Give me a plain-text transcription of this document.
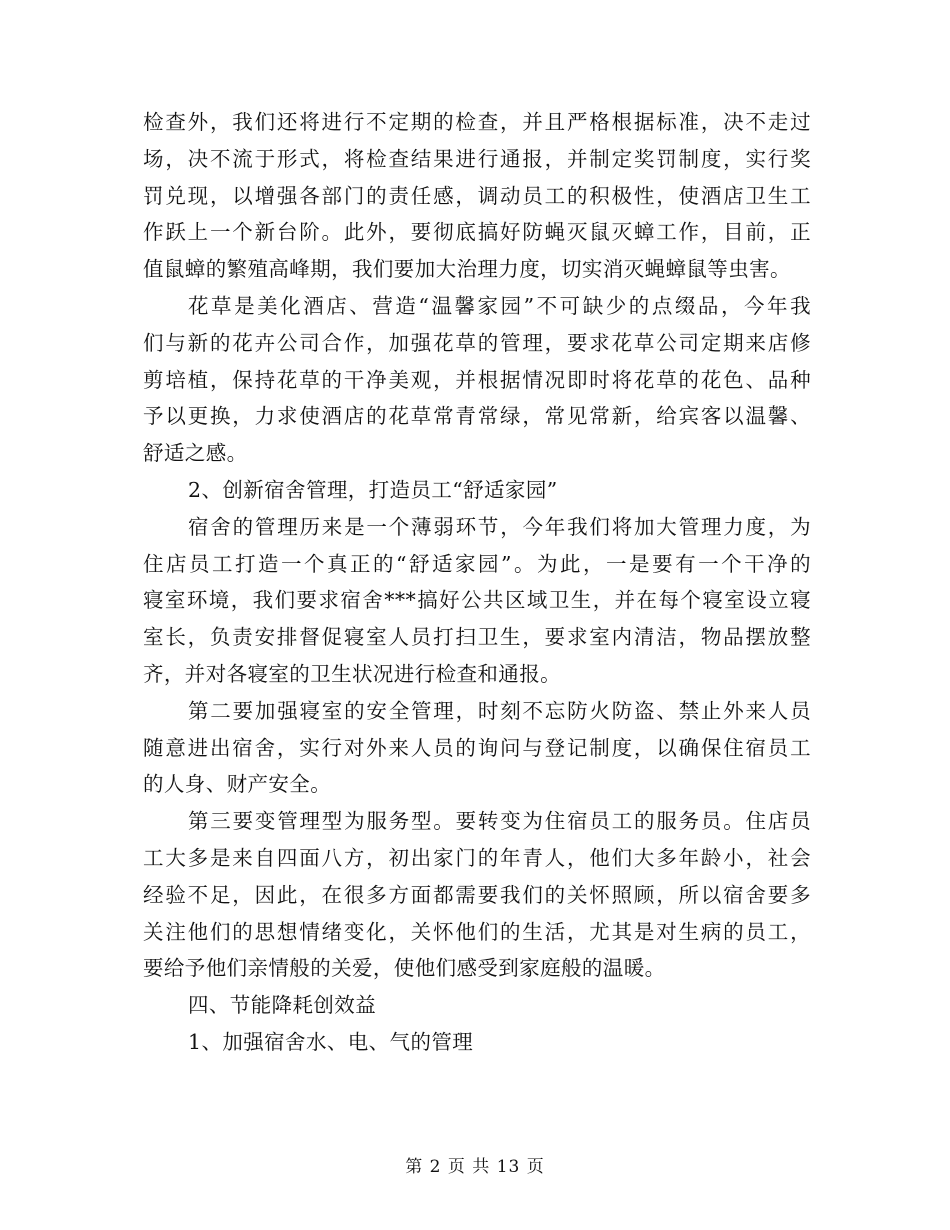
检查外，我们还将进行不定期的检查，并且严格根据标准，决不走过

场，决不流于形式，将检查结果进行通报，并制定奖罚制度，实行奖

罚兑现，以增强各部门的责任感，调动员工的积极性，使酒店卫生工

作跃上一个新台阶。此外，要彻底搞好防蝇灭鼠灭蟑工作，目前，正

值鼠蟑的繁殖高峰期，我们要加大治理力度，切实消灭蝇蟑鼠等虫害。

花草是美化酒店、营造“温馨家园”不可缺少的点缀品，今年我

们与新的花卉公司合作，加强花草的管理，要求花草公司定期来店修

剪培植，保持花草的干净美观，并根据情况即时将花草的花色、品种

予以更换，力求使酒店的花草常青常绿，常见常新，给宾客以温馨、

舒适之感。

2、创新宿舍管理，打造员工“舒适家园”

宿舍的管理历来是一个薄弱环节，今年我们将加大管理力度，为

住店员工打造一个真正的“舒适家园”。为此，一是要有一个干净的

寝室环境，我们要求宿舍***搞好公共区域卫生，并在每个寝室设立寝

室长，负责安排督促寝室人员打扫卫生，要求室内清洁，物品摆放整

齐，并对各寝室的卫生状况进行检查和通报。

第二要加强寝室的安全管理，时刻不忘防火防盗、禁止外来人员

随意进出宿舍，实行对外来人员的询问与登记制度，以确保住宿员工

的人身、财产安全。

第三要变管理型为服务型。要转变为住宿员工的服务员。住店员

工大多是来自四面八方，初出家门的年青人，他们大多年龄小，社会

经验不足，因此，在很多方面都需要我们的关怀照顾，所以宿舍要多

关注他们的思想情绪变化，关怀他们的生活，尤其是对生病的员工，

要给予他们亲情般的关爱，使他们感受到家庭般的温暖。

四、节能降耗创效益

1、加强宿舍水、电、气的管理

第 2 页 共 13 页
